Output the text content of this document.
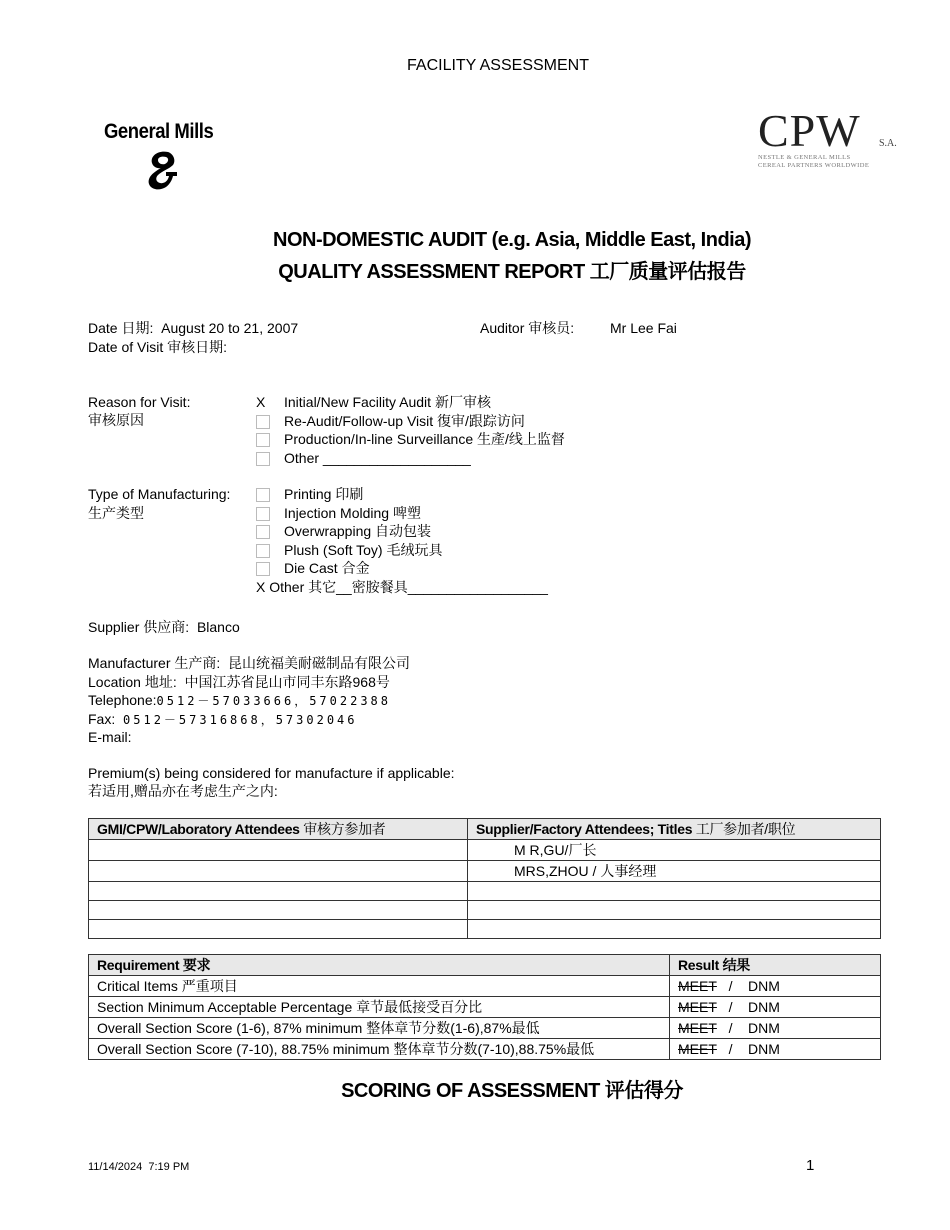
FACILITY ASSESSMENT
General Mills	CPW	S.A.
NESTLE & GENERAL MILLS
CEREAL PARTNERS WORLDWIDE
NON-DOMESTIC AUDIT (e.g. Asia, Middle East, India)
QUALITY ASSESSMENT REPORT 工厂质量评估报告
Date 日期: August 20 to 21, 2007
Date of Visit 审核日期:
Auditor 审核员:	Mr Lee Fai
Reason for Visit:
审核原因
X Initial/New Facility Audit 新厂审核
Re-Audit/Follow-up Visit 復审/跟踪访问
Production/In-line Surveillance 生產/线上监督
Other ___________________
Type of Manufacturing:
生产类型
Printing 印刷
Injection Molding 啤塑
Overwrapping 自动包装
Plush (Soft Toy) 毛绒玩具
Die Cast 合金
X Other 其它__密胺餐具__________________
Supplier 供应商: Blanco
Manufacturer 生产商: 昆山统福美耐磁制品有限公司
Location 地址: 中国江苏省昆山市同丰东路968号
Telephone:0512－57033666，57022388
Fax: 0512－57316868，57302046
E-mail:
Premium(s) being considered for manufacture if applicable:
若适用,赠品亦在考虑生产之内:
GMI/CPW/Laboratory Attendees 审核方参加者	Supplier/Factory Attendees; Titles 工厂参加者/职位
	M R,GU/厂长
	MRS,ZHOU / 人事经理

Requirement 要求	Result 结果
Critical Items 严重项目	MEET / DNM
Section Minimum Acceptable Percentage 章节最低接受百分比	MEET / DNM
Overall Section Score (1-6), 87% minimum 整体章节分数(1-6),87%最低	MEET / DNM
Overall Section Score (7-10), 88.75% minimum 整体章节分数(7-10),88.75%最低	MEET / DNM
SCORING OF ASSESSMENT 评估得分
11/14/2024  7:19 PM	1
